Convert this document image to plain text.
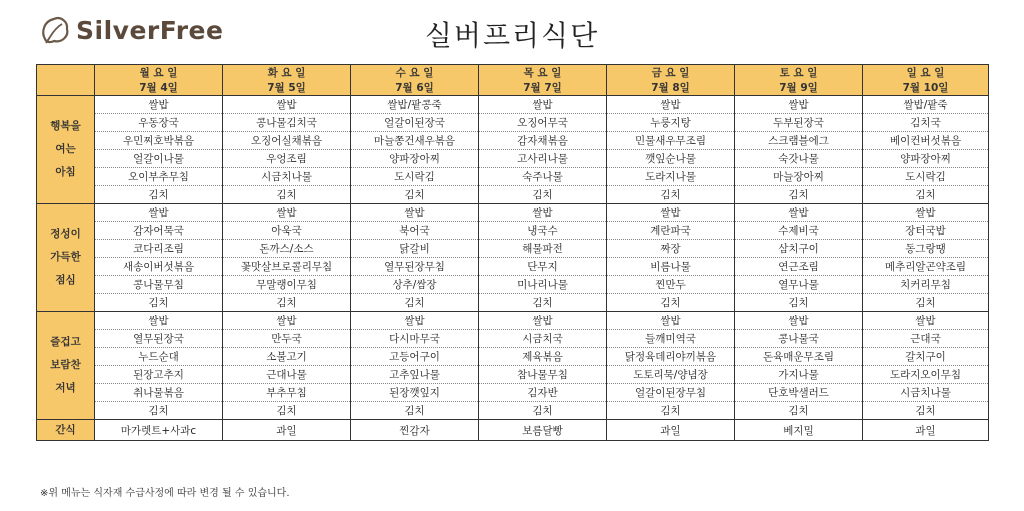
SilverFree	실버프리식단
	월 요 일	화 요 일	수 요 일	목 요 일	금 요 일	토 요 일	일 요 일
	7월 4일	7월 5일	7월 6일	7월 7일	7월 8일	7월 9일	7월 10일

행복을
여는
아침	쌀밥	쌀밥	쌀밥/팥콩죽	쌀밥	쌀밥	쌀밥	쌀밥/팥죽
	우동장국	콩나물김치국	얼갈이된장국	오징어무국	누룽지탕	두부된장국	김치국
	우민찌호박볶음	오징어실채볶음	마늘쫑건새우볶음	감자채볶음	민물새우무조림	스크램블에그	베이컨버섯볶음
	얼갈이나물	우엉조림	양파장아찌	고사리나물	깻잎순나물	숙갓나물	양파장아찌
	오이부추무침	시금치나물	도시락김	숙주나물	도라지나물	마늘장아찌	도시락김
	김치	김치	김치	김치	김치	김치	김치

정성이
가득한
점심	쌀밥	쌀밥	쌀밥	쌀밥	쌀밥	쌀밥	쌀밥
	감자어묵국	아욱국	북어국	냉국수	계란파국	수제비국	장터국밥
	코다리조림	돈까스/소스	닭갈비	해물파전	짜장	삼치구이	동그랑땡
	새송이버섯볶음	꽃맛살브로콜리무침	열무된장무침	단무지	비름나물	연근조림	메추리알곤약조림
	콩나물무침	무말랭이무침	상추/쌈장	미나리나물	찐만두	열무나물	치커리무침
	김치	김치	김치	김치	김치	김치	김치

즐겁고
보람찬
저녁	쌀밥	쌀밥	쌀밥	쌀밥	쌀밥	쌀밥	쌀밥
	열무된장국	만두국	다시마무국	시금치국	들깨미역국	콩나물국	근대국
	누드순대	소불고기	고등어구이	제육볶음	닭정육데리야끼볶음	돈육매운무조림	갈치구이
	된장고추지	근대나물	고추잎나물	참나물무침	도토리묵/양념장	가지나물	도라지오이무침
	취나물볶음	부추무침	된장깻잎지	김자반	얼갈이된장무침	단호박샐러드	시금치나물
	김치	김치	김치	김치	김치	김치	김치
간식	마가렛트+사과c	과일	찐감자	보름달빵	과일	베지밀	과일
※위 메뉴는 식자재 수급사정에 따라 변경 될 수 있습니다.
